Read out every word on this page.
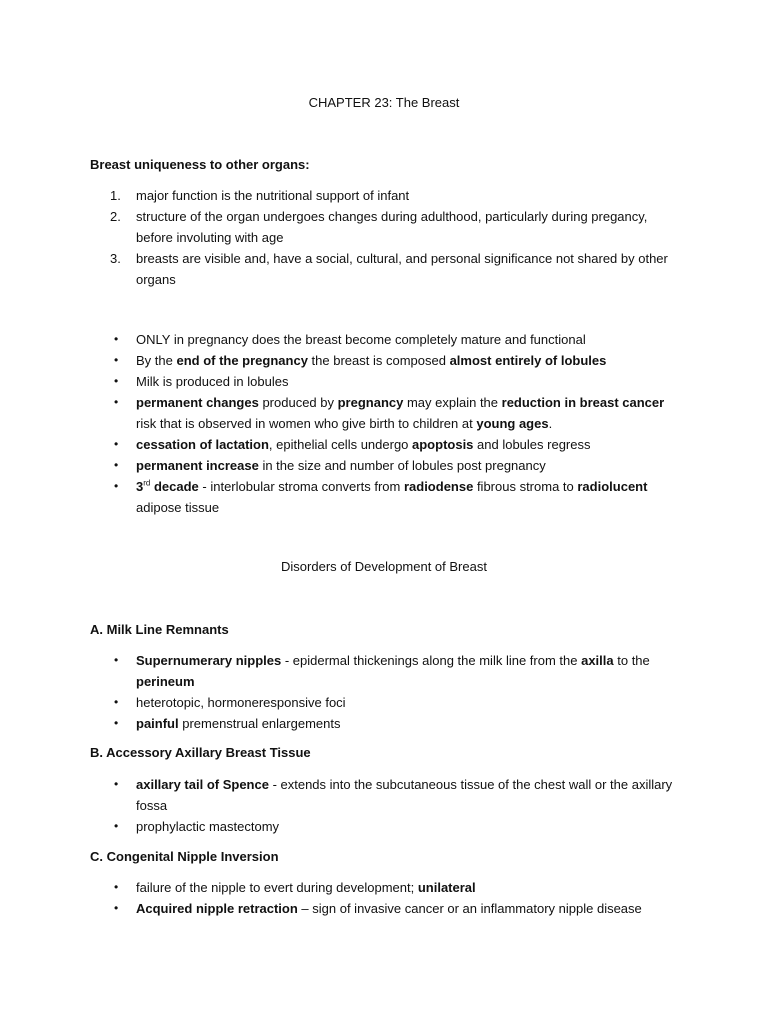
CHAPTER 23: The Breast
Breast uniqueness to other organs:
1. major function is the nutritional support of infant
2. structure of the organ undergoes changes during adulthood, particularly during pregancy, before involuting with age
3. breasts are visible and, have a social, cultural, and personal significance not shared by other organs
• ONLY in pregnancy does the breast become completely mature and functional
• By the end of the pregnancy the breast is composed almost entirely of lobules
• Milk is produced in lobules
• permanent changes produced by pregnancy may explain the reduction in breast cancer risk that is observed in women who give birth to children at young ages.
• cessation of lactation, epithelial cells undergo apoptosis and lobules regress
• permanent increase in the size and number of lobules post pregnancy
• 3rd decade - interlobular stroma converts from radiodense fibrous stroma to radiolucent adipose tissue
Disorders of Development of Breast
A. Milk Line Remnants
• Supernumerary nipples - epidermal thickenings along the milk line from the axilla to the perineum
• heterotopic, hormoneresponsive foci
• painful premenstrual enlargements
B. Accessory Axillary Breast Tissue
• axillary tail of Spence - extends into the subcutaneous tissue of the chest wall or the axillary fossa
• prophylactic mastectomy
C. Congenital Nipple Inversion
• failure of the nipple to evert during development; unilateral
• Acquired nipple retraction – sign of invasive cancer or an inflammatory nipple disease
